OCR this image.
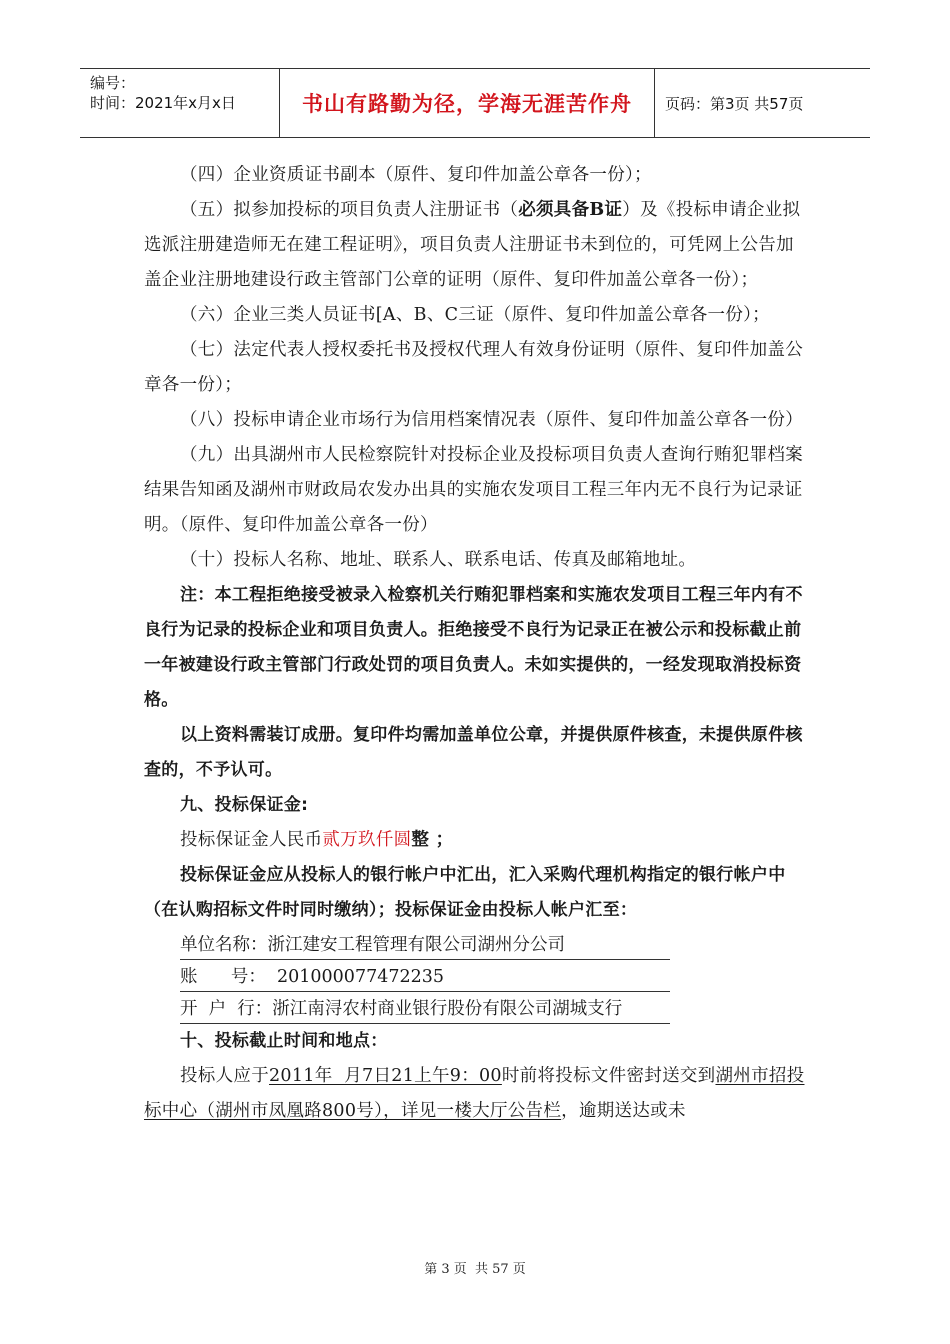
编号：
时间：2021年x月x日	书山有路勤为径，学海无涯苦作舟	页码：第3页 共57页

（四）企业资质证书副本（原件、复印件加盖公章各一份）；

（五）拟参加投标的项目负责人注册证书（必须具备B证）及《投标申请企业拟选派注册建造师无在建工程证明》，项目负责人注册证书未到位的，可凭网上公告加盖企业注册地建设行政主管部门公章的证明（原件、复印件加盖公章各一份）；

（六）企业三类人员证书[A、B、C三证（原件、复印件加盖公章各一份）；

（七）法定代表人授权委托书及授权代理人有效身份证明（原件、复印件加盖公章各一份）；

（八）投标申请企业市场行为信用档案情况表（原件、复印件加盖公章各一份）

（九）出具湖州市人民检察院针对投标企业及投标项目负责人查询行贿犯罪档案结果告知函及湖州市财政局农发办出具的实施农发项目工程三年内无不良行为记录证明。（原件、复印件加盖公章各一份）

（十）投标人名称、地址、联系人、联系电话、传真及邮箱地址。

注：本工程拒绝接受被录入检察机关行贿犯罪档案和实施农发项目工程三年内有不良行为记录的投标企业和项目负责人。拒绝接受不良行为记录正在被公示和投标截止前一年被建设行政主管部门行政处罚的项目负责人。未如实提供的，一经发现取消投标资格。

以上资料需装订成册。复印件均需加盖单位公章，并提供原件核查，未提供原件核查的，不予认可。

九、投标保证金:

投标保证金人民币贰万玖仟圆整 ；

投标保证金应从投标人的银行帐户中汇出，汇入采购代理机构指定的银行帐户中（在认购招标文件时同时缴纳）；投标保证金由投标人帐户汇至：

单位名称：浙江建安工程管理有限公司湖州分公司
账      号：  201000077472235
开  户  行：浙江南浔农村商业银行股份有限公司湖城支行

十、投标截止时间和地点：

投标人应于2011年  月7日21上午9：00时前将投标文件密封送交到湖州市招投标中心（湖州市凤凰路800号），详见一楼大厅公告栏，逾期送达或未

第 3 页  共 57 页
